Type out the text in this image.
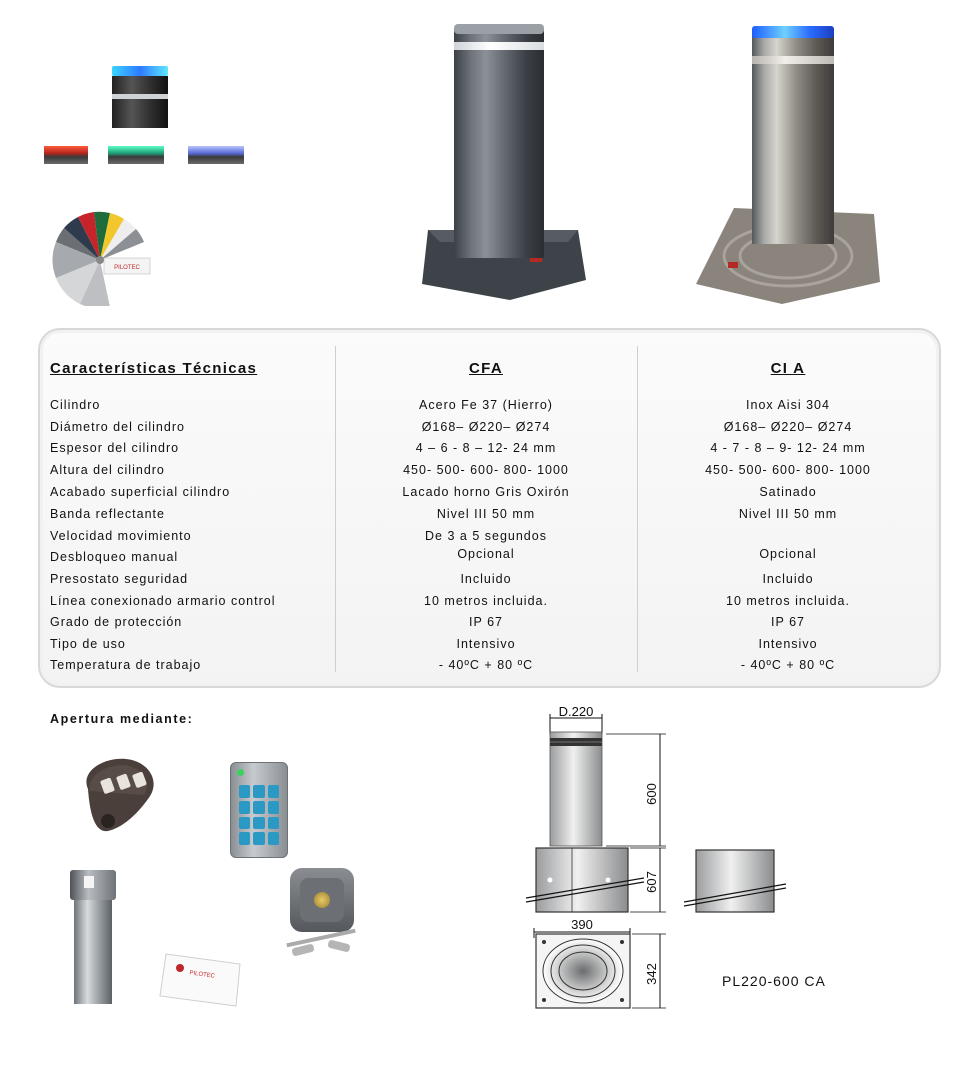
PILOTEC
Características Técnicas	CFA	CI A
Cilindro	Acero Fe 37 (Hierro)	Inox Aisi 304
Diámetro del cilindro	Ø168– Ø220– Ø274	Ø168– Ø220– Ø274
Espesor del cilindro	4 – 6 - 8 – 12- 24 mm	4 - 7 - 8 – 9- 12- 24 mm
Altura del cilindro	450- 500- 600- 800- 1000	450- 500- 600- 800- 1000
Acabado superficial cilindro	Lacado horno Gris Oxirón	Satinado
Banda reflectante	Nivel III 50 mm	Nivel III 50 mm
Velocidad movimiento	De 3 a 5 segundos
Desbloqueo manual	Opcional	Opcional
Presostato seguridad	Incluido	Incluido
Línea conexionado armario control	10 metros incluida.	10 metros incluida.
Grado de protección	IP 67	IP 67
Tipo de uso	Intensivo	Intensivo
Temperatura de trabajo	- 40ºC + 80 ºC	- 40ºC + 80 ºC
Apertura mediante:
PILOTEC
D.220
600
607
390
342	PL220-600 CA
